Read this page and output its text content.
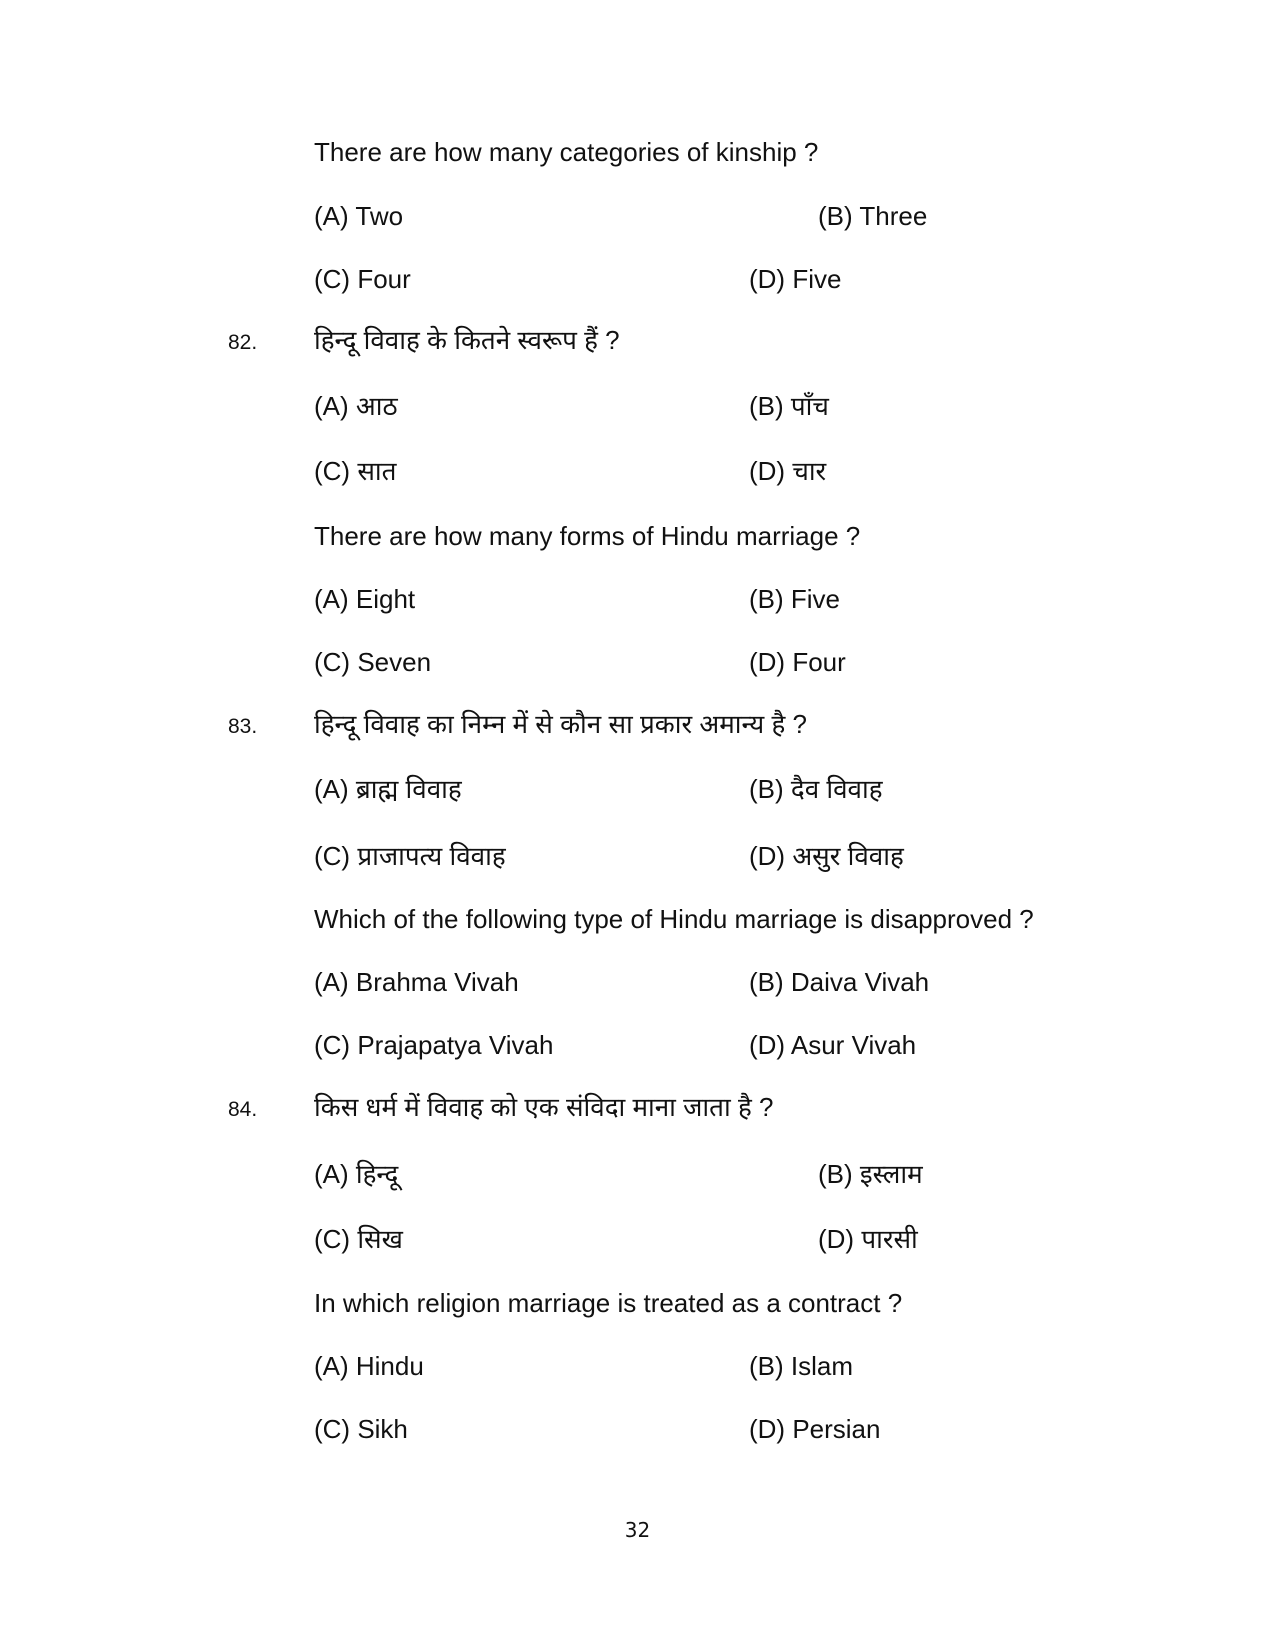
There are how many categories of kinship ?
(A) Two	(B) Three
(C) Four	(D) Five
82. हिन्दू विवाह के कितने स्वरूप हैं ?
(A) आठ	(B) पाँच
(C) सात	(D) चार
There are how many forms of Hindu marriage ?
(A) Eight	(B) Five
(C) Seven	(D) Four
83. हिन्दू विवाह का निम्न में से कौन सा प्रकार अमान्य है ?
(A) ब्राह्म विवाह	(B) दैव विवाह
(C) प्राजापत्य विवाह	(D) असुर विवाह
Which of the following type of Hindu marriage is disapproved ?
(A) Brahma Vivah	(B) Daiva Vivah
(C) Prajapatya Vivah	(D) Asur Vivah
84. किस धर्म में विवाह को एक संविदा माना जाता है ?
(A) हिन्दू	(B) इस्लाम
(C) सिख	(D) पारसी
In which religion marriage is treated as a contract ?
(A) Hindu	(B) Islam
(C) Sikh	(D) Persian
32
